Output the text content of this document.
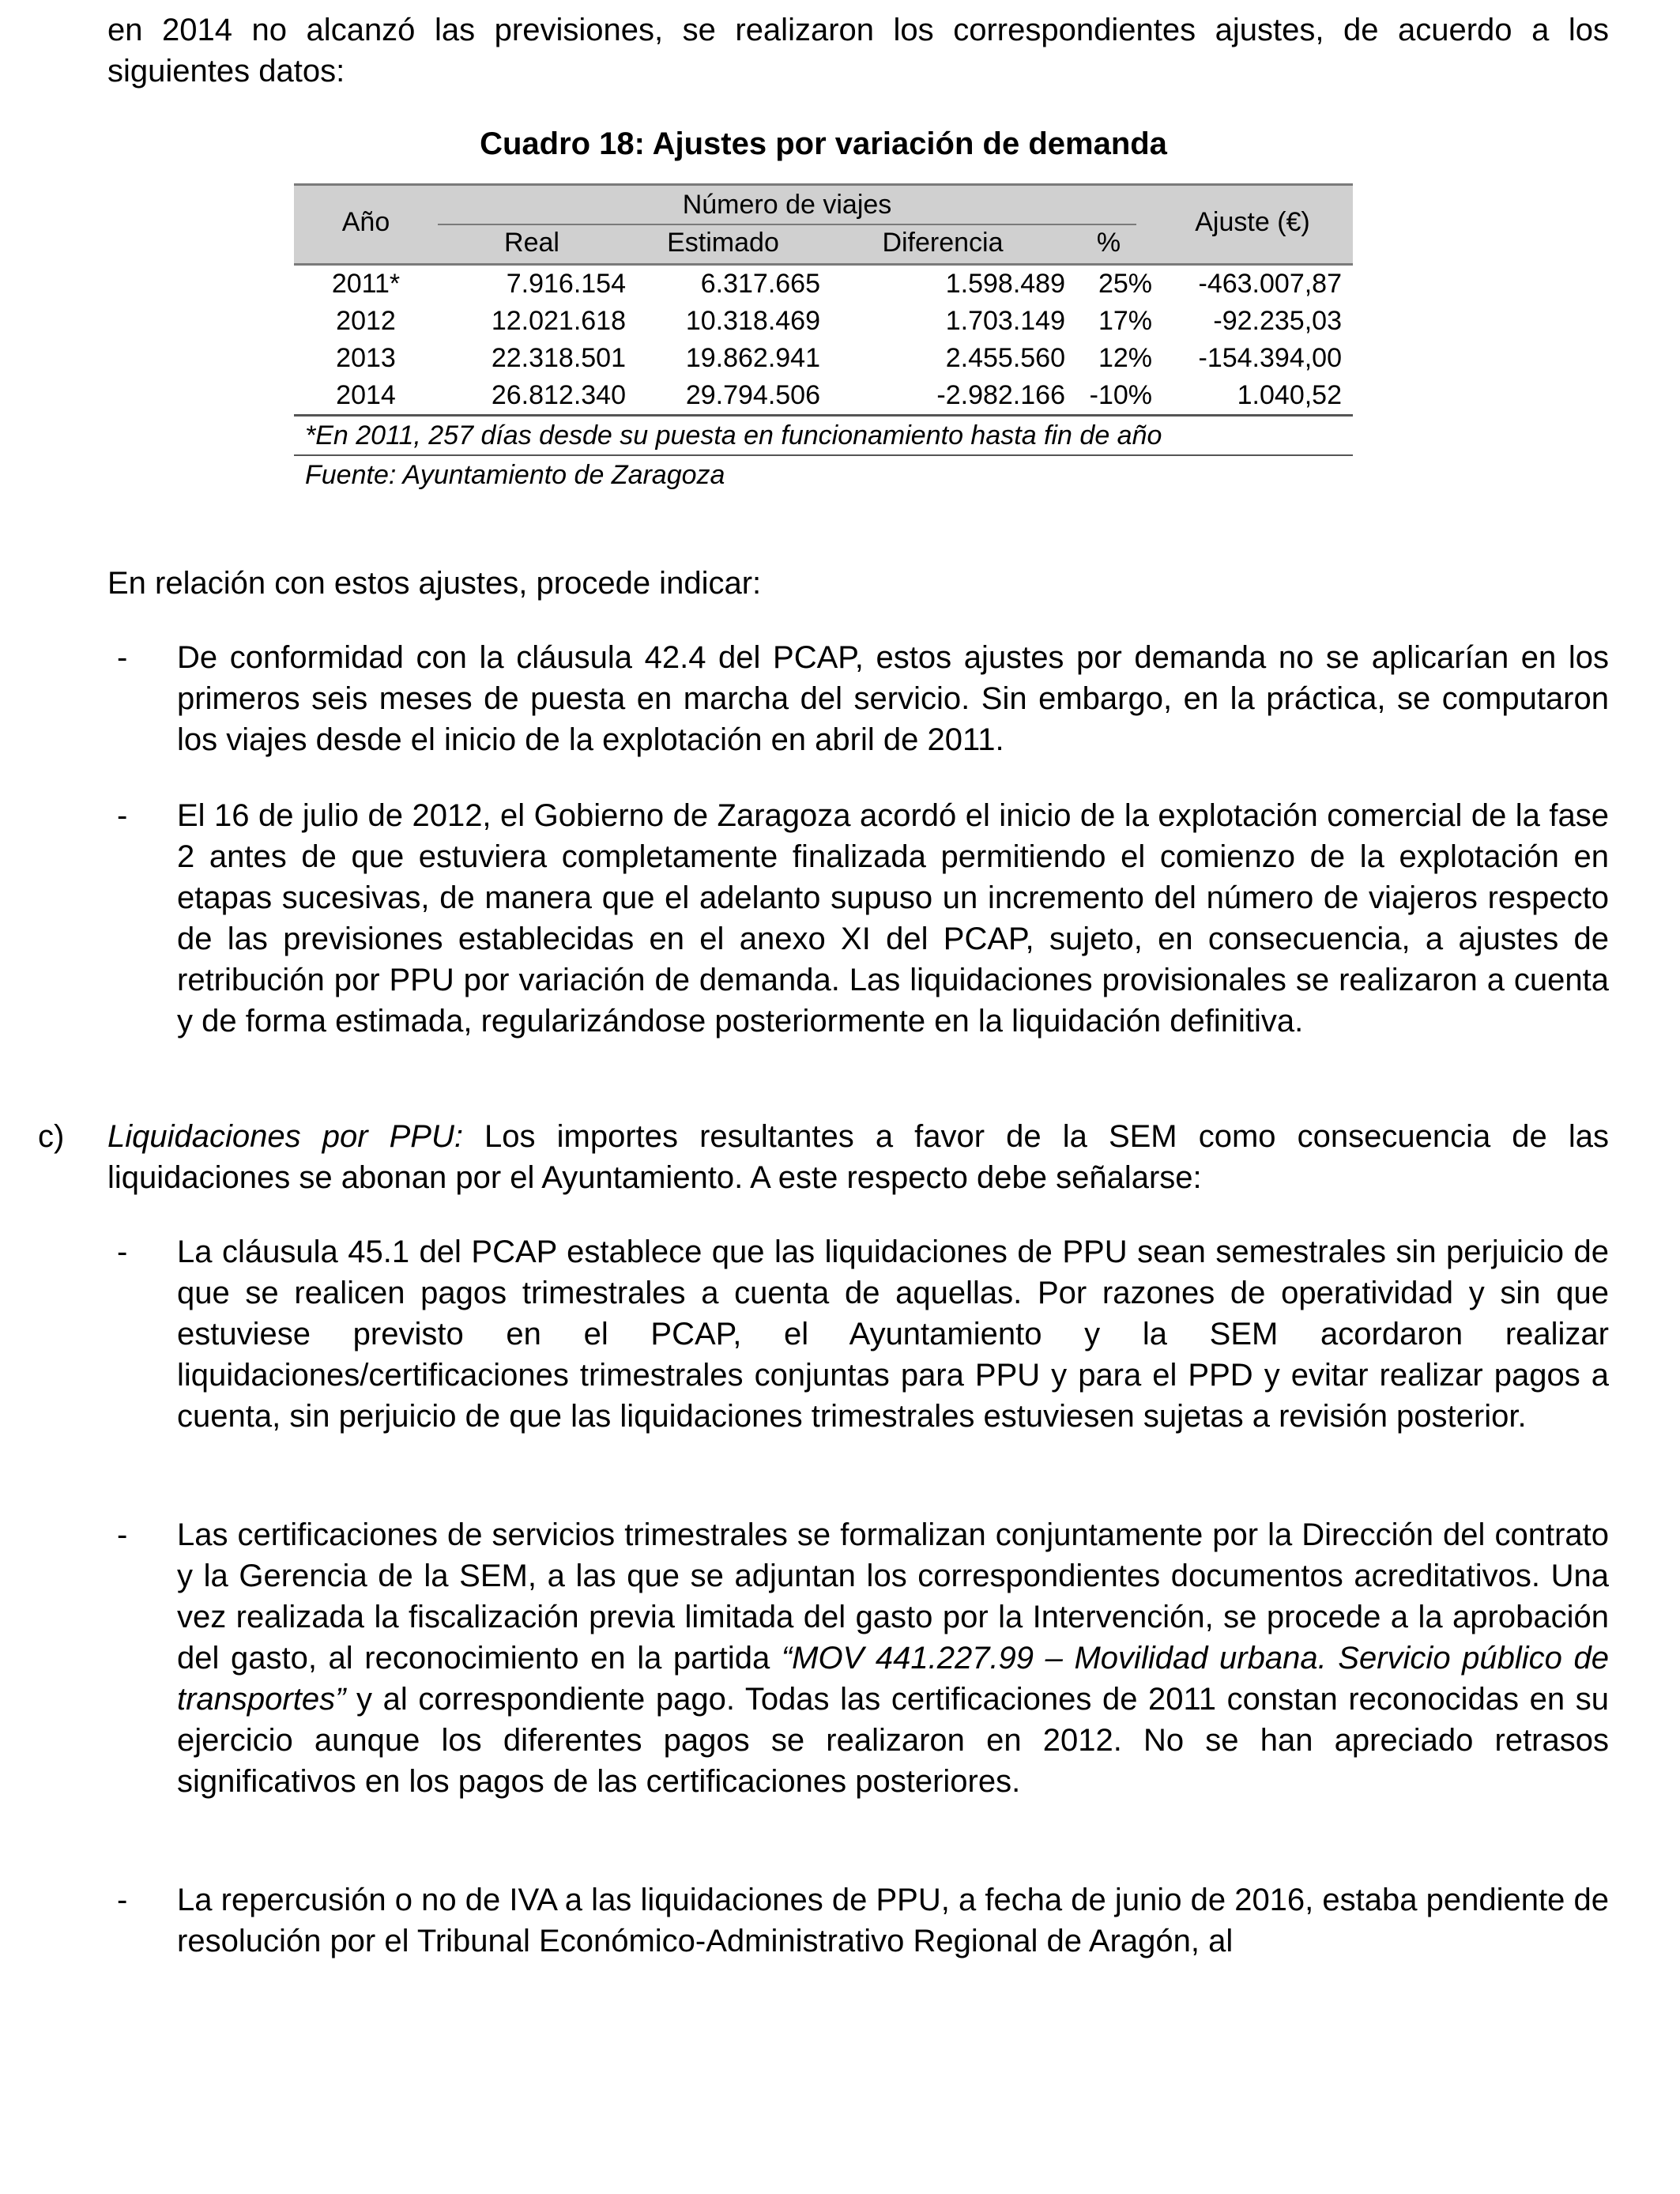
en 2014 no alcanzó las previsiones, se realizaron los correspondientes ajustes, de acuerdo a los siguientes datos:
Cuadro 18: Ajustes por variación de demanda
Año
Número de viajes
Real	Estimado	Diferencia	%
Ajuste (€)
2011*	7.916.154	6.317.665	1.598.489	25%	-463.007,87
2012	12.021.618	10.318.469	1.703.149	17%	-92.235,03
2013	22.318.501	19.862.941	2.455.560	12%	-154.394,00
2014	26.812.340	29.794.506	-2.982.166 -10%	1.040,52
*En 2011, 257 días desde su puesta en funcionamiento hasta fin de año
Fuente: Ayuntamiento de Zaragoza
En relación con estos ajustes, procede indicar:
-	De conformidad con la cláusula 42.4 del PCAP, estos ajustes por demanda no se aplicarían en los primeros seis meses de puesta en marcha del servicio. Sin embargo, en la práctica, se computaron los viajes desde el inicio de la explotación en abril de 2011.
-	El 16 de julio de 2012, el Gobierno de Zaragoza acordó el inicio de la explotación comercial de la fase 2 antes de que estuviera completamente finalizada permitiendo el comienzo de la explotación en etapas sucesivas, de manera que el adelanto supuso un incremento del número de viajeros respecto de las previsiones establecidas en el anexo XI del PCAP, sujeto, en consecuencia, a ajustes de retribución por PPU por variación de demanda. Las liquidaciones provisionales se realizaron a cuenta y de forma estimada, regularizándose posteriormente en la liquidación definitiva.
c) Liquidaciones por PPU: Los importes resultantes a favor de la SEM como consecuencia de las liquidaciones se abonan por el Ayuntamiento. A este respecto debe señalarse:
-	La cláusula 45.1 del PCAP establece que las liquidaciones de PPU sean semestrales sin perjuicio de que se realicen pagos trimestrales a cuenta de aquellas. Por razones de operatividad y sin que estuviese previsto en el PCAP, el Ayuntamiento y la SEM acordaron realizar liquidaciones/certificaciones trimestrales conjuntas para PPU y para el PPD y evitar realizar pagos a cuenta, sin perjuicio de que las liquidaciones trimestrales estuviesen sujetas a revisión posterior.
-	Las certificaciones de servicios trimestrales se formalizan conjuntamente por la Dirección del contrato y la Gerencia de la SEM, a las que se adjuntan los correspondientes documentos acreditativos. Una vez realizada la fiscalización previa limitada del gasto por la Intervención, se procede a la aprobación del gasto, al reconocimiento en la partida “MOV 441.227.99 – Movilidad urbana. Servicio público de transportes” y al correspondiente pago. Todas las certificaciones de 2011 constan reconocidas en su ejercicio aunque los diferentes pagos se realizaron en 2012. No se han apreciado retrasos significativos en los pagos de las certificaciones posteriores.
-	La repercusión o no de IVA a las liquidaciones de PPU, a fecha de junio de 2016, estaba pendiente de resolución por el Tribunal Económico-Administrativo Regional de Aragón, al
